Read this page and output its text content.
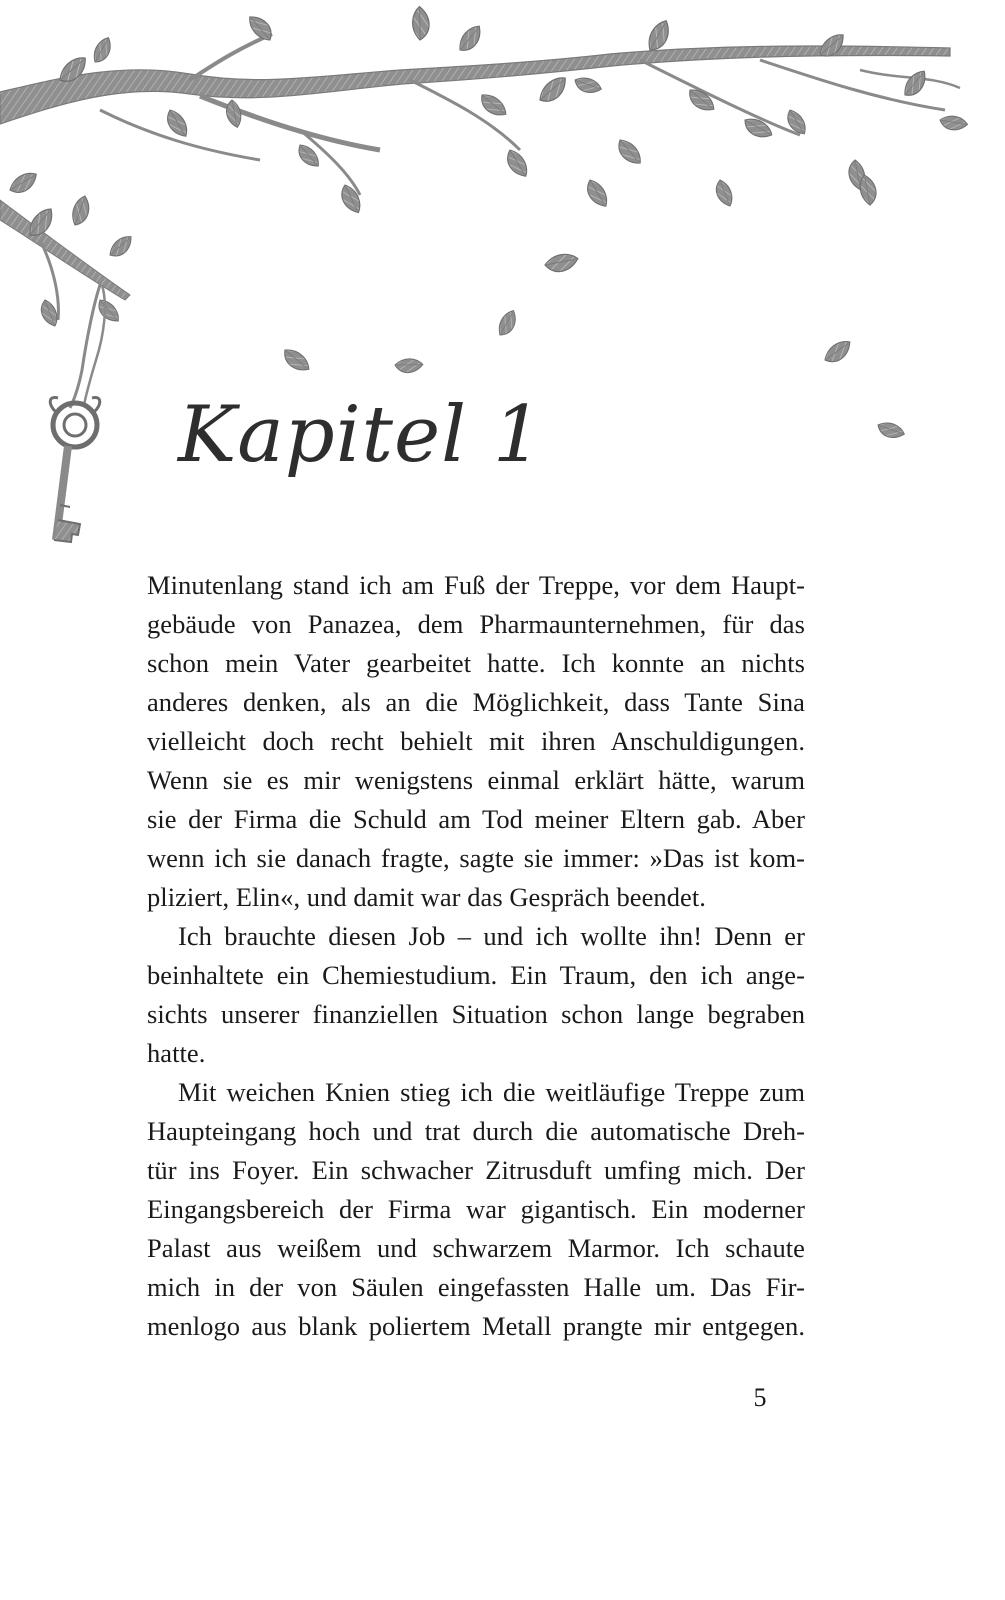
Kapitel 1
Minutenlang stand ich am Fuß der Treppe, vor dem Haupt-
gebäude von Panazea, dem Pharmaunternehmen, für das
schon mein Vater gearbeitet hatte. Ich konnte an nichts
anderes denken, als an die Möglichkeit, dass Tante Sina
vielleicht doch recht behielt mit ihren Anschuldigungen.
Wenn sie es mir wenigstens einmal erklärt hätte, warum
sie der Firma die Schuld am Tod meiner Eltern gab. Aber
wenn ich sie danach fragte, sagte sie immer: »Das ist kom-
pliziert, Elin«, und damit war das Gespräch beendet.
Ich brauchte diesen Job – und ich wollte ihn! Denn er
beinhaltete ein Chemiestudium. Ein Traum, den ich ange-
sichts unserer finanziellen Situation schon lange begraben
hatte.
Mit weichen Knien stieg ich die weitläufige Treppe zum
Haupteingang hoch und trat durch die automatische Dreh-
tür ins Foyer. Ein schwacher Zitrusduft umfing mich. Der
Eingangsbereich der Firma war gigantisch. Ein moderner
Palast aus weißem und schwarzem Marmor. Ich schaute
mich in der von Säulen eingefassten Halle um. Das Fir-
menlogo aus blank poliertem Metall prangte mir entgegen.
5
